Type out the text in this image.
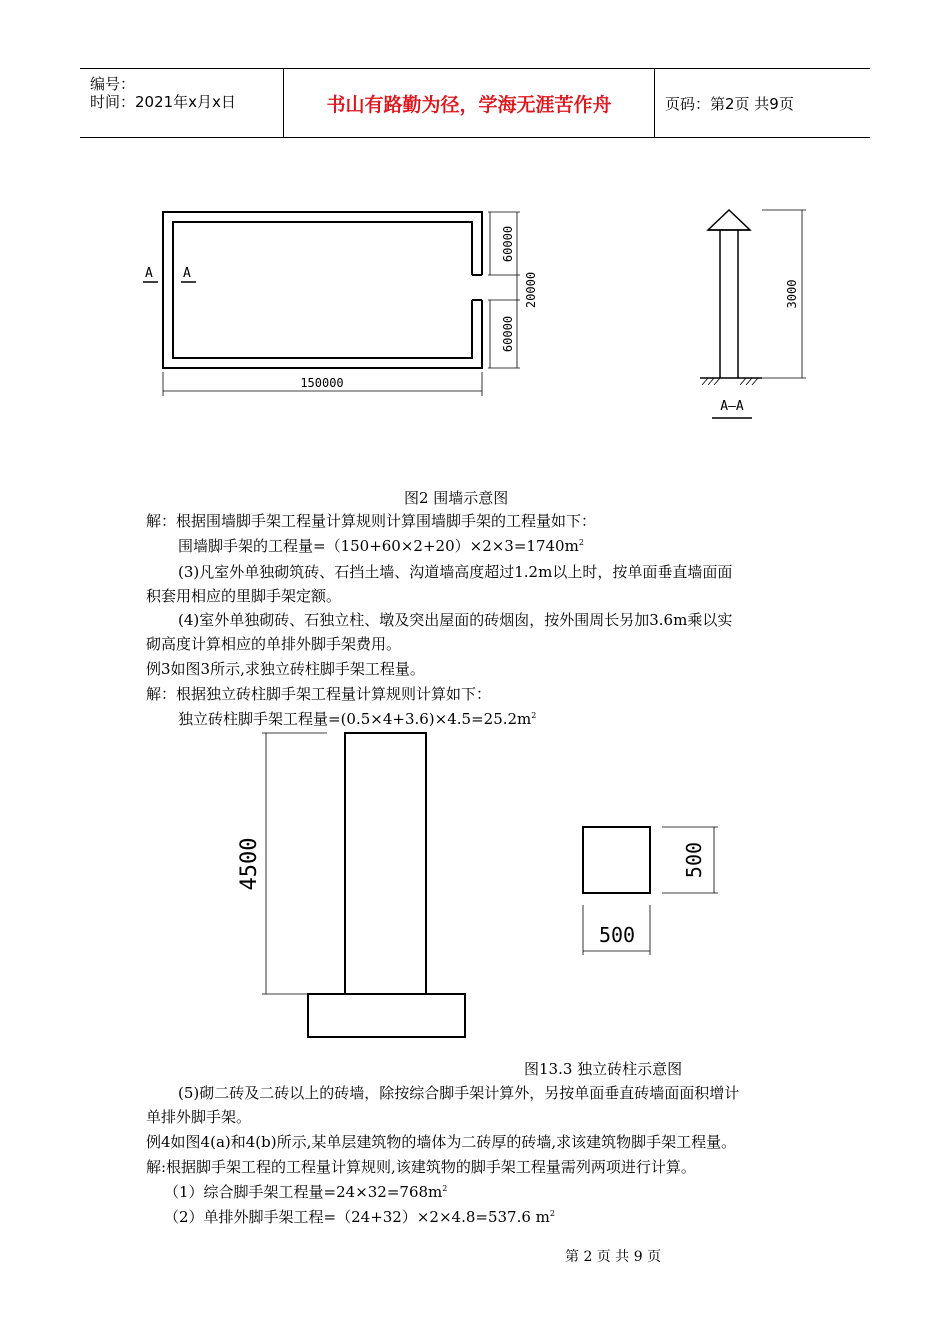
编号：
时间：2021年x月x日	书山有路勤为径，学海无涯苦作舟	页码：第2页 共9页
A A
150000
60000
20000
60000
3000
A—A
图2 围墙示意图
解：根据围墙脚手架工程量计算规则计算围墙脚手架的工程量如下：
围墙脚手架的工程量$=(150+60\times 2+20)\times 2\times 3=1740m^2$
(3)凡室外单独砌筑砖、石挡土墙、沟道墙高度超过1.2m以上时，按单面垂直墙面面
积套用相应的里脚手架定额。
(4)室外单独砌砖、石独立柱、墩及突出屋面的砖烟囱，按外围周长另加3.6m乘以实
砌高度计算相应的单排外脚手架费用。
例3如图3所示,求独立砖柱脚手架工程量。
解：根据独立砖柱脚手架工程量计算规则计算如下：
独立砖柱脚手架工程量$=(0.5\times 4+3.6)\times 4.5=25.2m^2$
4500	500
500
图13.3 独立砖柱示意图
(5)砌二砖及二砖以上的砖墙，除按综合脚手架计算外，另按单面垂直砖墙面面积增计
单排外脚手架。
例4如图4(a)和4(b)所示,某单层建筑物的墙体为二砖厚的砖墙,求该建筑物脚手架工程量。
解:根据脚手架工程的工程量计算规则,该建筑物的脚手架工程量需列两项进行计算。
（1）综合脚手架工程量$=24\times 32=768m^2$
（2）单排外脚手架工程=（24+32）×2×4.8=537.6 $m^2$
第 2 页 共 9 页
